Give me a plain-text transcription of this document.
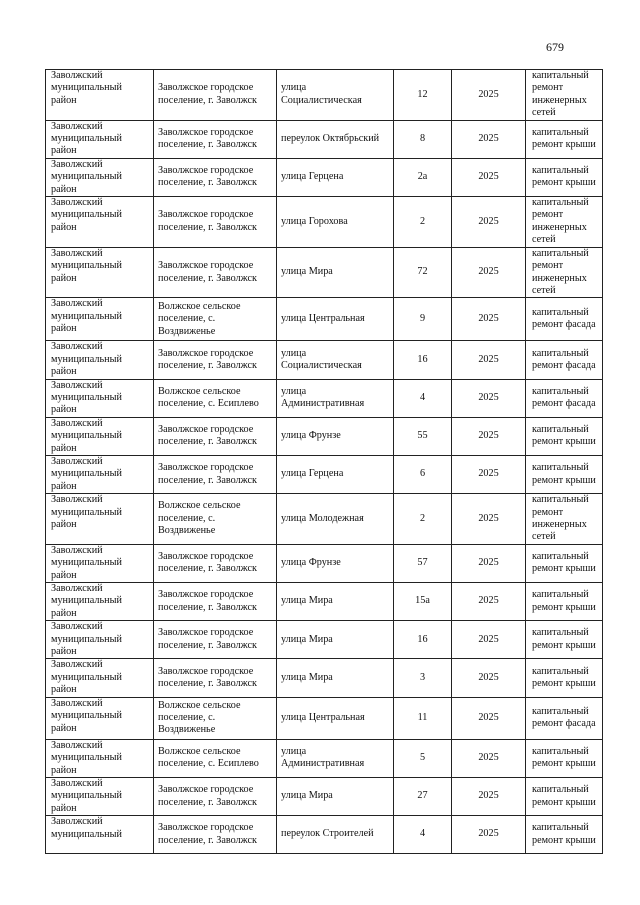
679
Заволжский муниципальный район	Заволжское городское поселение, г. Заволжск	улица Социалистическая	12	2025	капитальный ремонт инженерных сетей
Заволжский муниципальный район	Заволжское городское поселение, г. Заволжск	переулок Октябрьский	8	2025	капитальный ремонт крыши
Заволжский муниципальный район	Заволжское городское поселение, г. Заволжск	улица Герцена	2а	2025	капитальный ремонт крыши
Заволжский муниципальный район	Заволжское городское поселение, г. Заволжск	улица Горохова	2	2025	капитальный ремонт инженерных сетей
Заволжский муниципальный район	Заволжское городское поселение, г. Заволжск	улица Мира	72	2025	капитальный ремонт инженерных сетей
Заволжский муниципальный район	Волжское сельское поселение, с. Воздвиженье	улица Центральная	9	2025	капитальный ремонт фасада
Заволжский муниципальный район	Заволжское городское поселение, г. Заволжск	улица Социалистическая	16	2025	капитальный ремонт фасада
Заволжский муниципальный район	Волжское сельское поселение, с. Есиплево	улица Административная	4	2025	капитальный ремонт фасада
Заволжский муниципальный район	Заволжское городское поселение, г. Заволжск	улица Фрунзе	55	2025	капитальный ремонт крыши
Заволжский муниципальный район	Заволжское городское поселение, г. Заволжск	улица Герцена	6	2025	капитальный ремонт крыши
Заволжский муниципальный район	Волжское сельское поселение, с. Воздвиженье	улица Молодежная	2	2025	капитальный ремонт инженерных сетей
Заволжский муниципальный район	Заволжское городское поселение, г. Заволжск	улица Фрунзе	57	2025	капитальный ремонт крыши
Заволжский муниципальный район	Заволжское городское поселение, г. Заволжск	улица Мира	15а	2025	капитальный ремонт крыши
Заволжский муниципальный район	Заволжское городское поселение, г. Заволжск	улица Мира	16	2025	капитальный ремонт крыши
Заволжский муниципальный район	Заволжское городское поселение, г. Заволжск	улица Мира	3	2025	капитальный ремонт крыши
Заволжский муниципальный район	Волжское сельское поселение, с. Воздвиженье	улица Центральная	11	2025	капитальный ремонт фасада
Заволжский муниципальный район	Волжское сельское поселение, с. Есиплево	улица Административная	5	2025	капитальный ремонт крыши
Заволжский муниципальный район	Заволжское городское поселение, г. Заволжск	улица Мира	27	2025	капитальный ремонт крыши
Заволжский муниципальный	Заволжское городское поселение, г. Заволжск	переулок Строителей	4	2025	капитальный ремонт крыши
